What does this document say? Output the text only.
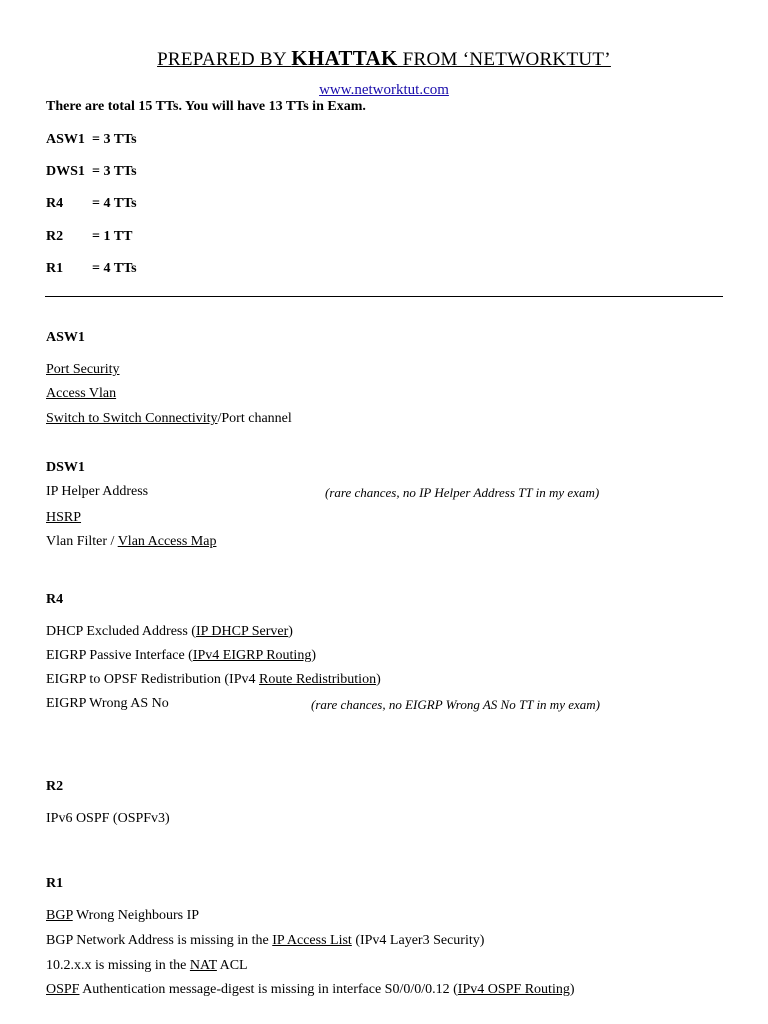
PREPARED BY KHATTAK FROM ‘NETWORKTUT’
www.networktut.com
There are total 15 TTs. You will have 13 TTs in Exam.
ASW1 = 3 TTs
DWS1 = 3 TTs
R4 = 4 TTs
R2 = 1 TT
R1 = 4 TTs
ASW1
Port Security
Access Vlan
Switch to Switch Connectivity/Port channel
DSW1
IP Helper Address	(rare chances, no IP Helper Address TT in my exam)
HSRP
Vlan Filter / Vlan Access Map
R4
DHCP Excluded Address (IP DHCP Server)
EIGRP Passive Interface (IPv4 EIGRP Routing)
EIGRP to OPSF Redistribution (IPv4 Route Redistribution)
EIGRP Wrong AS No	(rare chances, no EIGRP Wrong AS No TT in my exam)
R2
IPv6 OSPF (OSPFv3)
R1
BGP Wrong Neighbours IP
BGP Network Address is missing in the IP Access List (IPv4 Layer3 Security)
10.2.x.x is missing in the NAT ACL
OSPF Authentication message-digest is missing in interface S0/0/0/0.12 (IPv4 OSPF Routing)
